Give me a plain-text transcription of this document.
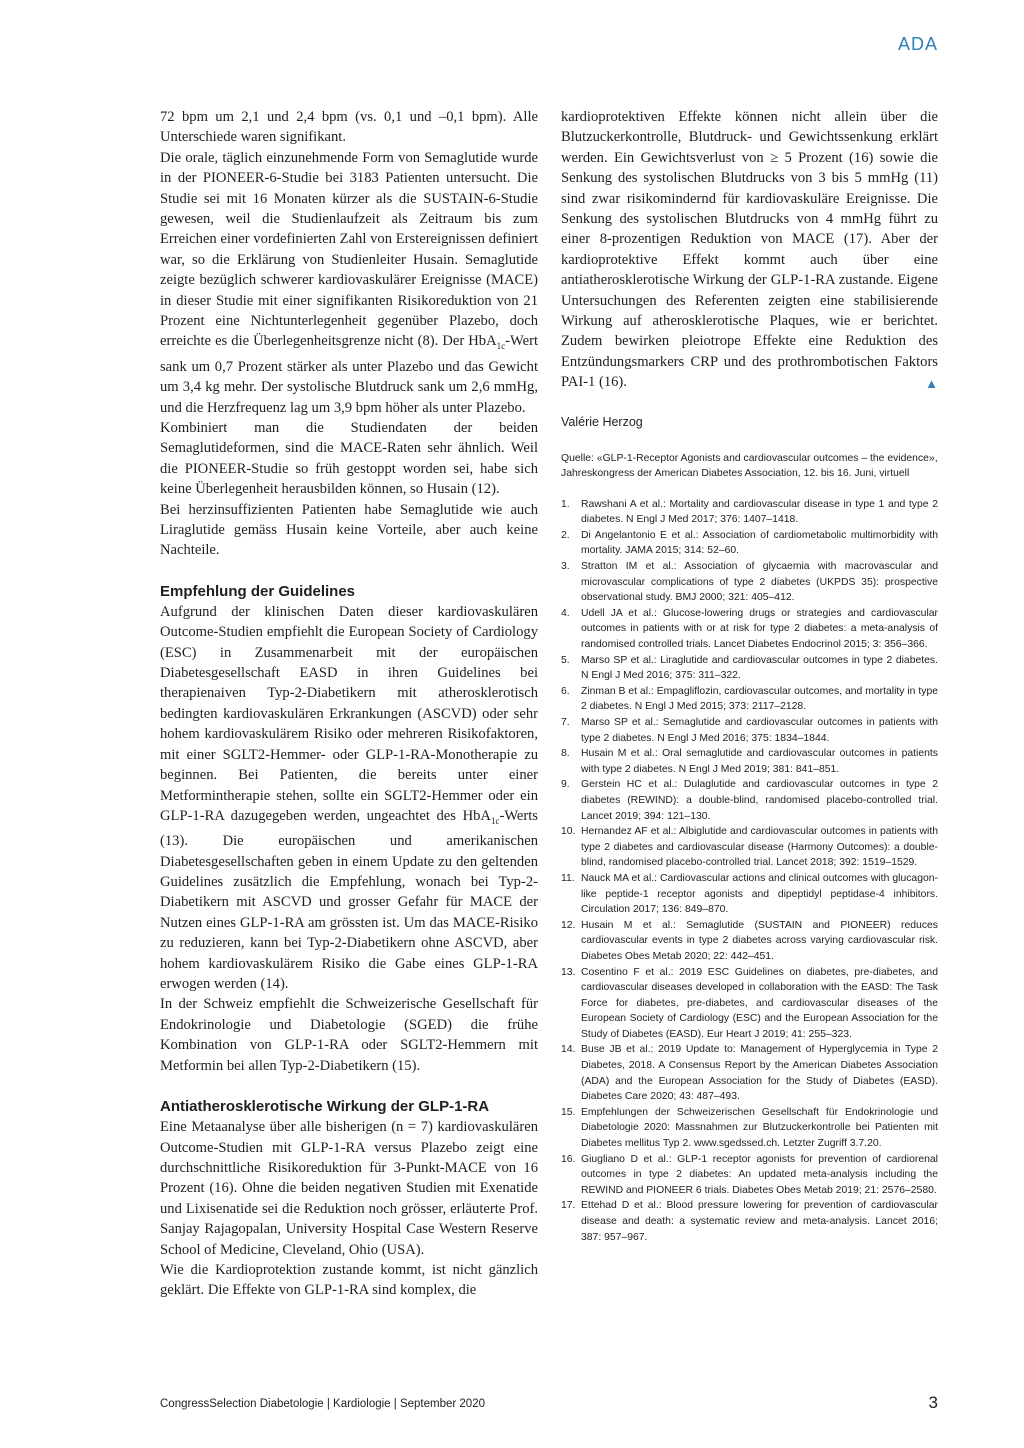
ADA

72 bpm um 2,1 und 2,4 bpm (vs. 0,1 und –0,1 bpm). Alle Unterschiede waren signifikant.

Die orale, täglich einzunehmende Form von Semaglutide wurde in der PIONEER-6-Studie bei 3183 Patienten untersucht. Die Studie sei mit 16 Monaten kürzer als die SUSTAIN-6-Studie gewesen, weil die Studienlaufzeit als Zeitraum bis zum Erreichen einer vordefinierten Zahl von Erstereignissen definiert war, so die Erklärung von Studienleiter Husain. Semaglutide zeigte bezüglich schwerer kardiovaskulärer Ereignisse (MACE) in dieser Studie mit einer signifikanten Risikoreduktion von 21 Prozent eine Nichtunterlegenheit gegenüber Plazebo, doch erreichte es die Überlegenheitsgrenze nicht (8). Der HbA$_{1c}$-Wert sank um 0,7 Prozent stärker als unter Plazebo und das Gewicht um 3,4 kg mehr. Der systolische Blutdruck sank um 2,6 mmHg, und die Herzfrequenz lag um 3,9 bpm höher als unter Plazebo.

Kombiniert man die Studiendaten der beiden Semaglutideformen, sind die MACE-Raten sehr ähnlich. Weil die PIONEER-Studie so früh gestoppt worden sei, habe sich keine Überlegenheit herausbilden können, so Husain (12).

Bei herzinsuffizienten Patienten habe Semaglutide wie auch Liraglutide gemäss Husain keine Vorteile, aber auch keine Nachteile.

Empfehlung der Guidelines

Aufgrund der klinischen Daten dieser kardiovaskulären Outcome-Studien empfiehlt die European Society of Cardiology (ESC) in Zusammenarbeit mit der europäischen Diabetesgesellschaft EASD in ihren Guidelines bei therapienaiven Typ-2-Diabetikern mit atherosklerotisch bedingten kardiovaskulären Erkrankungen (ASCVD) oder sehr hohem kardiovaskulärem Risiko oder mehreren Risikofaktoren, mit einer SGLT2-Hemmer- oder GLP-1-RA-Monotherapie zu beginnen. Bei Patienten, die bereits unter einer Metformintherapie stehen, sollte ein SGLT2-Hemmer oder ein GLP-1-RA dazugegeben werden, ungeachtet des HbA$_{1c}$-Werts (13). Die europäischen und amerikanischen Diabetesgesellschaften geben in einem Update zu den geltenden Guidelines zusätzlich die Empfehlung, wonach bei Typ-2-Diabetikern mit ASCVD und grosser Gefahr für MACE der Nutzen eines GLP-1-RA am grössten ist. Um das MACE-Risiko zu reduzieren, kann bei Typ-2-Diabetikern ohne ASCVD, aber hohem kardiovaskulärem Risiko die Gabe eines GLP-1-RA erwogen werden (14).

In der Schweiz empfiehlt die Schweizerische Gesellschaft für Endokrinologie und Diabetologie (SGED) die frühe Kombination von GLP-1-RA oder SGLT2-Hemmern mit Metformin bei allen Typ-2-Diabetikern (15).

Antiatherosklerotische Wirkung der GLP-1-RA

Eine Metaanalyse über alle bisherigen (n = 7) kardiovaskulären Outcome-Studien mit GLP-1-RA versus Plazebo zeigt eine durchschnittliche Risikoreduktion für 3-Punkt-MACE von 16 Prozent (16). Ohne die beiden negativen Studien mit Exenatide und Lixisenatide sei die Reduktion noch grösser, erläuterte Prof. Sanjay Rajagopalan, University Hospital Case Western Reserve School of Medicine, Cleveland, Ohio (USA).

Wie die Kardioprotektion zustande kommt, ist nicht gänzlich geklärt. Die Effekte von GLP-1-RA sind komplex, die

kardioprotektiven Effekte können nicht allein über die Blutzuckerkontrolle, Blutdruck- und Gewichtssenkung erklärt werden. Ein Gewichtsverlust von ≥ 5 Prozent (16) sowie die Senkung des systolischen Blutdrucks von 3 bis 5 mmHg (11) sind zwar risikomindernd für kardiovaskuläre Ereignisse. Die Senkung des systolischen Blutdrucks von 4 mmHg führt zu einer 8-prozentigen Reduktion von MACE (17). Aber der kardioprotektive Effekt kommt auch über eine antiatherosklerotische Wirkung der GLP-1-RA zustande. Eigene Untersuchungen des Referenten zeigten eine stabilisierende Wirkung auf atherosklerotische Plaques, wie er berichtet. Zudem bewirken pleiotrope Effekte eine Reduktion des Entzündungsmarkers CRP und des prothrombotischen Faktors PAI-1 (16).	▲

Valérie Herzog

Quelle: «GLP-1-Receptor Agonists and cardiovascular outcomes – the evidence», Jahreskongress der American Diabetes Association, 12. bis 16. Juni, virtuell

1.	Rawshani A et al.: Mortality and cardiovascular disease in type 1 and type 2 diabetes. N Engl J Med 2017; 376: 1407–1418.
2.	Di Angelantonio E et al.: Association of cardiometabolic multimorbidity with mortality. JAMA 2015; 314: 52–60.
3.	Stratton IM et al.: Association of glycaemia with macrovascular and microvascular complications of type 2 diabetes (UKPDS 35): prospective observational study. BMJ 2000; 321: 405–412.
4.	Udell JA et al.: Glucose-lowering drugs or strategies and cardiovascular outcomes in patients with or at risk for type 2 diabetes: a meta-analysis of randomised controlled trials. Lancet Diabetes Endocrinol 2015; 3: 356–366.
5.	Marso SP et al.: Liraglutide and cardiovascular outcomes in type 2 diabetes. N Engl J Med 2016; 375: 311–322.
6.	Zinman B et al.: Empagliflozin, cardiovascular outcomes, and mortality in type 2 diabetes. N Engl J Med 2015; 373: 2117–2128.
7.	Marso SP et al.: Semaglutide and cardiovascular outcomes in patients with type 2 diabetes. N Engl J Med 2016; 375: 1834–1844.
8.	Husain M et al.: Oral semaglutide and cardiovascular outcomes in patients with type 2 diabetes. N Engl J Med 2019; 381: 841–851.
9.	Gerstein HC et al.: Dulaglutide and cardiovascular outcomes in type 2 diabetes (REWIND): a double-blind, randomised placebo-controlled trial. Lancet 2019; 394: 121–130.
10. Hernandez AF et al.: Albiglutide and cardiovascular outcomes in patients with type 2 diabetes and cardiovascular disease (Harmony Outcomes): a double-blind, randomised placebo-controlled trial. Lancet 2018; 392: 1519–1529.
11. Nauck MA et al.: Cardiovascular actions and clinical outcomes with glucagon-like peptide-1 receptor agonists and dipeptidyl peptidase-4 inhibitors. Circulation 2017; 136: 849–870.
12. Husain M et al.: Semaglutide (SUSTAIN and PIONEER) reduces cardiovascular events in type 2 diabetes across varying cardiovascular risk. Diabetes Obes Metab 2020; 22: 442–451.
13. Cosentino F et al.: 2019 ESC Guidelines on diabetes, pre-diabetes, and cardiovascular diseases developed in collaboration with the EASD: The Task Force for diabetes, pre-diabetes, and cardiovascular diseases of the European Society of Cardiology (ESC) and the European Association for the Study of Diabetes (EASD). Eur Heart J 2019; 41: 255–323.
14. Buse JB et al.: 2019 Update to: Management of Hyperglycemia in Type 2 Diabetes, 2018. A Consensus Report by the American Diabetes Association (ADA) and the European Association for the Study of Diabetes (EASD). Diabetes Care 2020; 43: 487–493.
15. Empfehlungen der Schweizerischen Gesellschaft für Endokrinologie und Diabetologie 2020: Massnahmen zur Blutzuckerkontrolle bei Patienten mit Diabetes mellitus Typ 2. www.sgedssed.ch. Letzter Zugriff 3.7.20.
16. Giugliano D et al.: GLP-1 receptor agonists for prevention of cardiorenal outcomes in type 2 diabetes: An updated meta-analysis including the REWIND and PIONEER 6 trials. Diabetes Obes Metab 2019; 21: 2576–2580.
17. Ettehad D et al.: Blood pressure lowering for prevention of cardiovascular disease and death: a systematic review and meta-analysis. Lancet 2016; 387: 957–967.
CongressSelection Diabetologie | Kardiologie | September 2020	3
